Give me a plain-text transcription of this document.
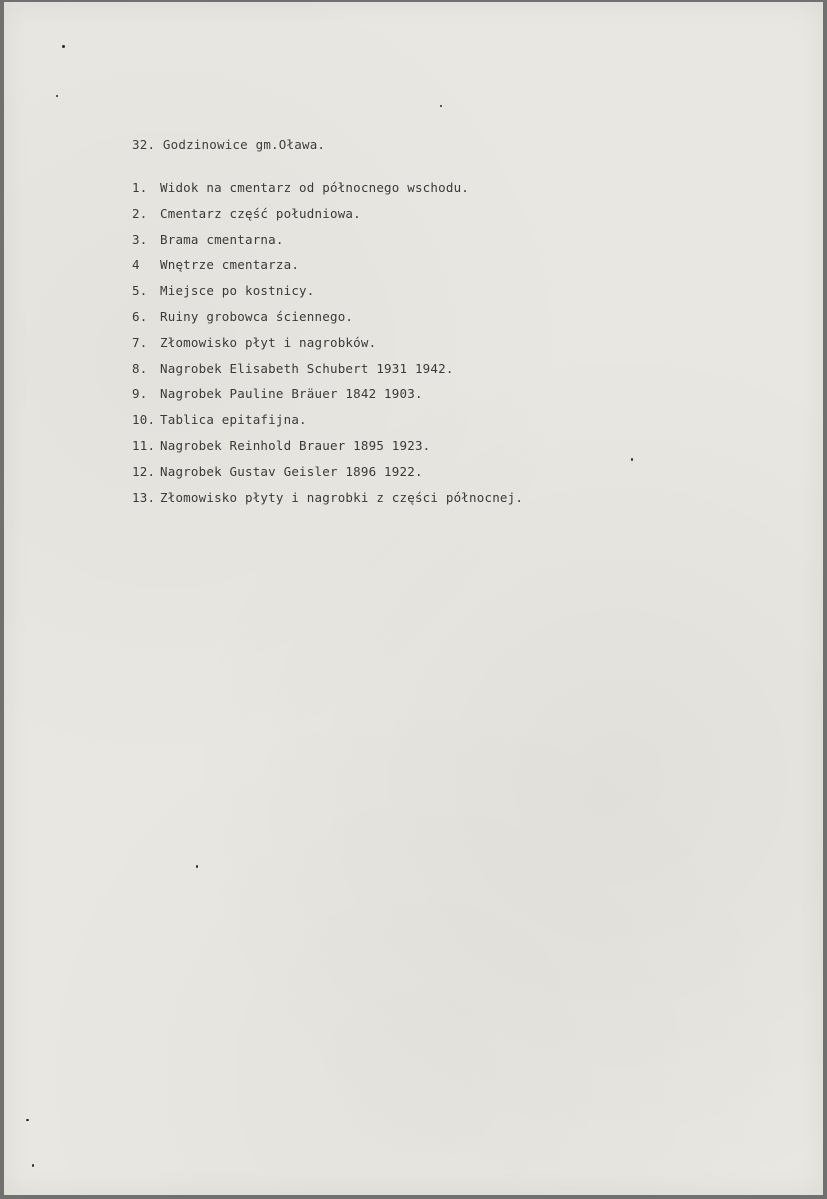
32. Godzinowice gm.Oława.
1. Widok na cmentarz od północnego wschodu.
2. Cmentarz część południowa.
3. Brama cmentarna.
4 Wnętrze cmentarza.
5. Miejsce po kostnicy.
6. Ruiny grobowca ściennego.
7. Złomowisko płyt i nagrobków.
8. Nagrobek Elisabeth Schubert 1931 1942.
9. Nagrobek Pauline Bräuer 1842 1903.
10. Tablica epitafijna.
11. Nagrobek Reinhold Brauer 1895 1923.
12. Nagrobek Gustav Geisler 1896 1922.
13. Złomowisko płyty i nagrobki z części północnej.
